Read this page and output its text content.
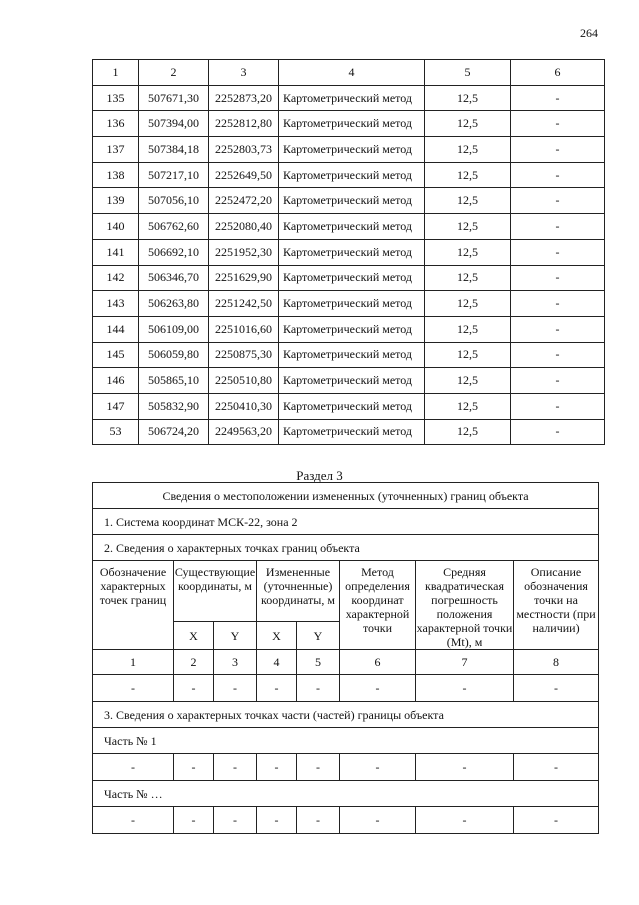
264
1	2	3	4	5	6
135	507671,30	2252873,20	Картометрический метод	12,5	-
136	507394,00	2252812,80	Картометрический метод	12,5	-
137	507384,18	2252803,73	Картометрический метод	12,5	-
138	507217,10	2252649,50	Картометрический метод	12,5	-
139	507056,10	2252472,20	Картометрический метод	12,5	-
140	506762,60	2252080,40	Картометрический метод	12,5	-
141	506692,10	2251952,30	Картометрический метод	12,5	-
142	506346,70	2251629,90	Картометрический метод	12,5	-
143	506263,80	2251242,50	Картометрический метод	12,5	-
144	506109,00	2251016,60	Картометрический метод	12,5	-
145	506059,80	2250875,30	Картометрический метод	12,5	-
146	505865,10	2250510,80	Картометрический метод	12,5	-
147	505832,90	2250410,30	Картометрический метод	12,5	-
53	506724,20	2249563,20	Картометрический метод	12,5	-
Раздел 3
Сведения о местоположении измененных (уточненных) границ объекта							
1. Система координат МСК-22, зона 2							
2. Сведения о характерных точках границ объекта							
Обозначение характерных точек границ	Существующие координаты, м		Измененные (уточненные) координаты, м		Метод определения координат характерной точки	Средняя квадратическая погрешность положения характерной точки (Mt), м	Описание обозначения точки на местности (при наличии)
	X	Y	X	Y			
1	2	3	4	5	6	7	8
-	-	-	-	-	-	-	-
3. Сведения о характерных точках части (частей) границы объекта							
Часть № 1							
-	-	-	-	-	-	-	-
Часть № …							
-	-	-	-	-	-	-	-
